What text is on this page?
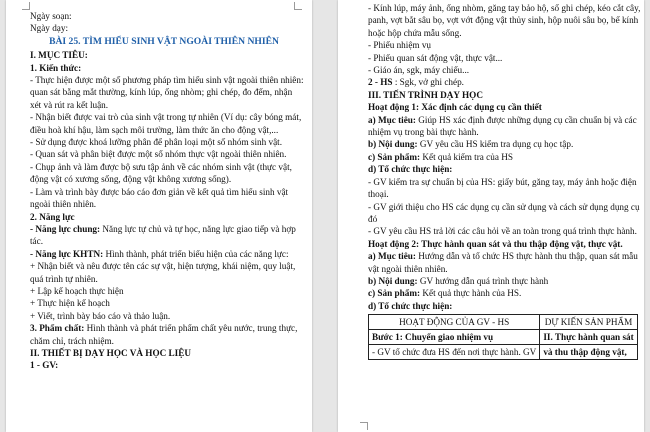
Ngày soạn:

Ngày dạy:

BÀI 25. TÌM HIỂU SINH VẬT NGOÀI THIÊN NHIÊN

I. MỤC TIÊU:

1. Kiến thức:

- Thực hiện được một số phương pháp tìm hiểu sinh vật ngoài thiên nhiên:

quan sát bằng mắt thường, kính lúp, ống nhòm; ghi chép, đo đếm, nhận

xét và rút ra kết luận.

- Nhận biết được vai trò của sinh vật trong tự nhiên (Ví dụ: cây bóng mát,

điều hoà khí hậu, làm sạch môi trường, làm thức ăn cho động vật,...

- Sử dụng được khoá lưỡng phân để phân loại một số nhóm sinh vật.

- Quan sát và phân biệt được một số nhóm thực vật ngoài thiên nhiên.

- Chụp ảnh và làm được bộ sưu tập ảnh về các nhóm sinh vật (thực vật,

động vật có xương sống, động vật không xương sống).

- Làm và trình bày được báo cáo đơn giản về kết quả tìm hiểu sinh vật

ngoài thiên nhiên.

2. Năng lực

- Năng lực chung: Năng lực tự chủ và tự học, năng lực giao tiếp và hợp

tác.

- Năng lực KHTN: Hình thành, phát triển biểu hiện của các năng lực:

+ Nhận biết và nêu được tên các sự vật, hiện tượng, khái niệm, quy luật,

quá trình tự nhiên.

+ Lập kế hoạch thực hiện

+ Thực hiện kế hoạch

+ Viết, trình bày báo cáo và thảo luận.

3. Phẩm chất: Hình thành và phát triển phẩm chất yêu nước, trung thực,

chăm chỉ, trách nhiệm.

II. THIẾT BỊ DẠY HỌC VÀ HỌC LIỆU

1 - GV:

- Kính lúp, máy ảnh, ống nhòm, găng tay bảo hộ, sổ ghi chép, kéo cắt cây,

panh, vợt bắt sâu bọ, vợt vớt động vật thủy sinh, hộp nuôi sâu bọ, bể kính

hoặc hộp chứa mẫu sống.

- Phiếu nhiệm vụ

- Phiếu quan sát động vật, thực vật...

- Giáo án, sgk, máy chiếu...

2 - HS : Sgk, vở ghi chép.

III. TIẾN TRÌNH DẠY HỌC

Hoạt động 1: Xác định các dụng cụ cần thiết

a) Mục tiêu: Giúp HS xác định được những dụng cụ cần chuẩn bị và các

nhiệm vụ trong bài thực hành.

b) Nội dung: GV yêu cầu HS kiểm tra dụng cụ học tập.

c) Sản phẩm: Kết quả kiểm tra của HS

d) Tổ chức thực hiện:

- GV kiểm tra sự chuẩn bị của HS: giấy bút, găng tay, máy ảnh hoặc điện

thoại.

- GV giới thiệu cho HS các dụng cụ cần sử dụng và cách sử dụng dụng cụ

đó

- GV yêu cầu HS trả lời các câu hỏi về an toàn trong quá trình thực hành.

Hoạt động 2: Thực hành quan sát và thu thập động vật, thực vật.

a) Mục tiêu: Hướng dẫn và tổ chức HS thực hành thu thập, quan sát mẫu

vật ngoài thiên nhiên.

b) Nội dung: GV hướng dẫn quá trình thực hành

c) Sản phẩm: Kết quả thực hành của HS.

d) Tổ chức thực hiện:

HOẠT ĐỘNG CỦA GV - HS	DỰ KIẾN SẢN PHẨM
Bước 1: Chuyển giao nhiệm vụ	II. Thực hành quan sát
- GV tổ chức đưa HS đến nơi thực hành. GV	và thu thập động vật,
